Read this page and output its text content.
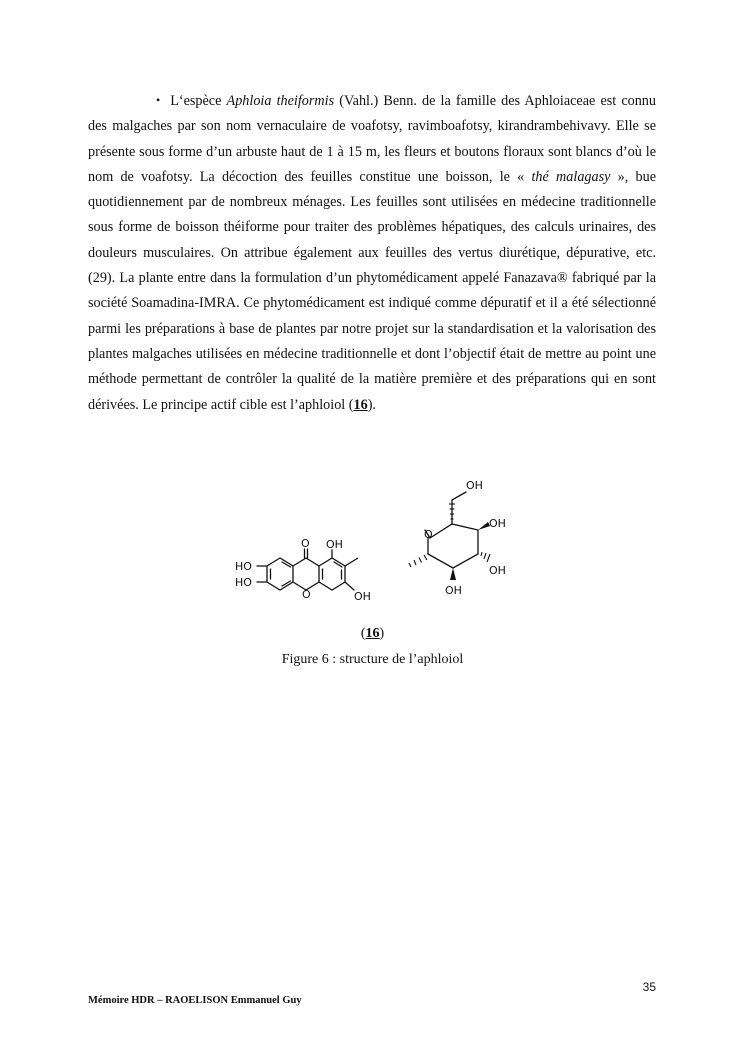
• L‘espèce Aphloia theiformis (Vahl.) Benn. de la famille des Aphloiaceae est connu des malgaches par son nom vernaculaire de voafotsy, ravimboafotsy, kirandrambehivavy. Elle se présente sous forme d’un arbuste haut de 1 à 15 m, les fleurs et boutons floraux sont blancs d’où le nom de voafotsy. La décoction des feuilles constitue une boisson, le « thé malagasy », bue quotidiennement par de nombreux ménages. Les feuilles sont utilisées en médecine traditionnelle sous forme de boisson théiforme pour traiter des problèmes hépatiques, des calculs urinaires, des douleurs musculaires. On attribue également aux feuilles des vertus diurétique, dépurative, etc. (29). La plante entre dans la formulation d’un phytomédicament appelé Fanazava® fabriqué par la société Soamadina-IMRA. Ce phytomédicament est indiqué comme dépuratif et il a été sélectionné parmi les préparations à base de plantes par notre projet sur la standardisation et la valorisation des plantes malgaches utilisées en médecine traditionnelle et dont l’objectif était de mettre au point une méthode permettant de contrôler la qualité de la matière première et des préparations qui en sont dérivées. Le principe actif cible est l’aphloiol (16).

HO
HO
O
O
OH
OH
O
OH
OH
OH
OH
(16)
Figure 6 : structure de l’aphloiol
35
Mémoire HDR – RAOELISON Emmanuel Guy
